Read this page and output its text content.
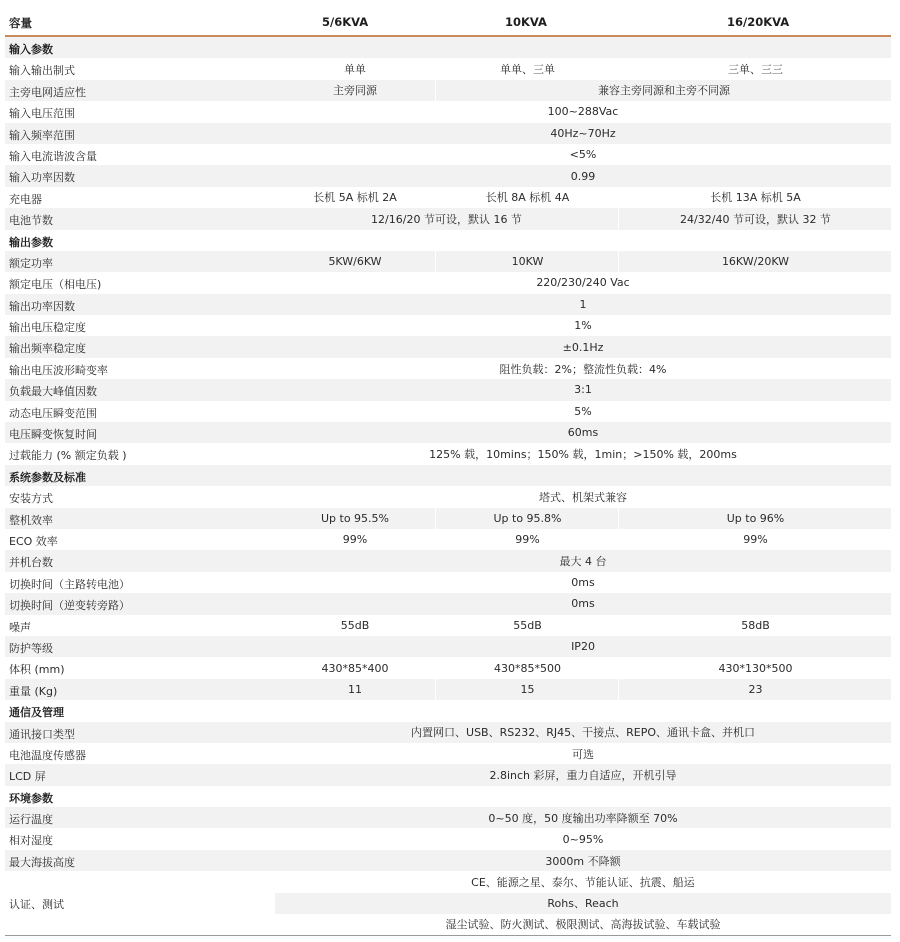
容量	5/6KVA	10KVA	16/20KVA
输入参数
输入输出制式	单单	单单、三单	三单、三三
主旁电网适应性	主旁同源	兼容主旁同源和主旁不同源
输入电压范围	100~288Vac
输入频率范围	40Hz~70Hz
输入电流谐波含量	<5%
输入功率因数	0.99
充电器	长机 5A 标机 2A	长机 8A 标机 4A	长机 13A 标机 5A
电池节数	12/16/20 节可设，默认 16 节	24/32/40 节可设，默认 32 节
输出参数
额定功率	5KW/6KW	10KW	16KW/20KW
额定电压（相电压)	220/230/240 Vac
输出功率因数	1
输出电压稳定度	1%
输出频率稳定度	±0.1Hz
输出电压波形畸变率	阻性负载：2%；整流性负载：4%
负载最大峰值因数	3:1
动态电压瞬变范围	5%
电压瞬变恢复时间	60ms
过载能力 (% 额定负载 )	125% 载，10mins；150% 载，1min；>150% 载，200ms
系统参数及标准
安装方式	塔式、机架式兼容
整机效率	Up to 95.5%	Up to 95.8%	Up to 96%
ECO 效率	99%	99%	99%
并机台数	最大 4 台
切换时间（主路转电池）	0ms
切换时间（逆变转旁路）	0ms
噪声	55dB	55dB	58dB
防护等级	IP20
体积 (mm)	430*85*400	430*85*500	430*130*500
重量 (Kg)	11	15	23
通信及管理
通讯接口类型	内置网口、USB、RS232、RJ45、干接点、REPO、通讯卡盒、并机口
电池温度传感器	可选
LCD 屏	2.8inch 彩屏，重力自适应，开机引导
环境参数
运行温度	0~50 度，50 度输出功率降额至 70%
相对湿度	0~95%
最大海拔高度	3000m 不降额
认证、测试
CE、能源之星、泰尔、节能认证、抗震、船运
Rohs、Reach
湿尘试验、防火测试、极限测试、高海拔试验、车载试验
